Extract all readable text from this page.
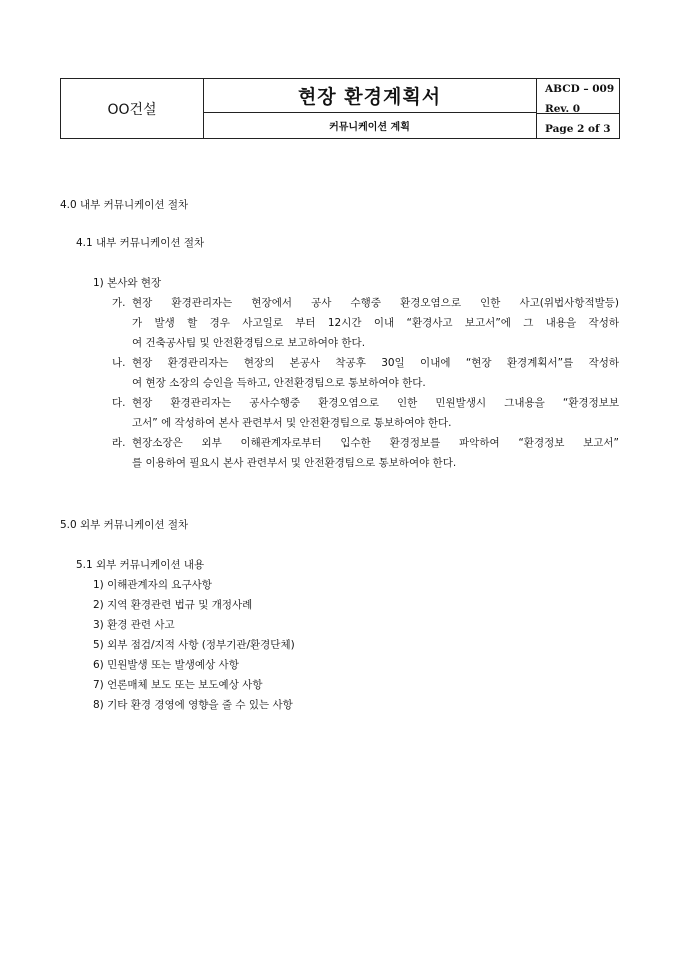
OO건설
현장 환경계획서
커뮤니케이션 계획
ABCD – 009
Rev. 0
Page 2 of 3
4.0 내부 커뮤니케이션 절차
4.1 내부 커뮤니케이션 절차
1) 본사와 현장
가. 현장 환경관리자는 현장에서 공사 수행중 환경오염으로 인한 사고(위법사항적발등)
가 발생 할 경우 사고일로 부터 12시간 이내 “환경사고 보고서”에 그 내용을 작성하
여 건축공사팀 및 안전환경팀으로 보고하여야 한다.
나. 현장 환경관리자는 현장의 본공사 착공후 30일 이내에 “현장 환경계획서”를 작성하
여 현장 소장의 승인을 득하고, 안전환경팀으로 통보하여야 한다.
다. 현장 환경관리자는 공사수행중 환경오염으로 인한 민원발생시 그내용을 “환경정보보
고서” 에 작성하여 본사 관련부서 및 안전환경팀으로 통보하여야 한다.
라. 현장소장은 외부 이해관계자로부터 입수한 환경정보를 파악하여 “환경정보 보고서”
를 이용하여 필요시 본사 관련부서 및 안전환경팀으로 통보하여야 한다.
5.0 외부 커뮤니케이션 절차
5.1 외부 커뮤니케이션 내용
1) 이해관계자의 요구사항
2) 지역 환경관련 법규 및 개정사례
3) 환경 관련 사고
5) 외부 점검/지적 사항 (정부기관/환경단체)
6) 민원발생 또는 발생예상 사항
7) 언론매체 보도 또는 보도예상 사항
8) 기타 환경 경영에 영향을 줄 수 있는 사항
